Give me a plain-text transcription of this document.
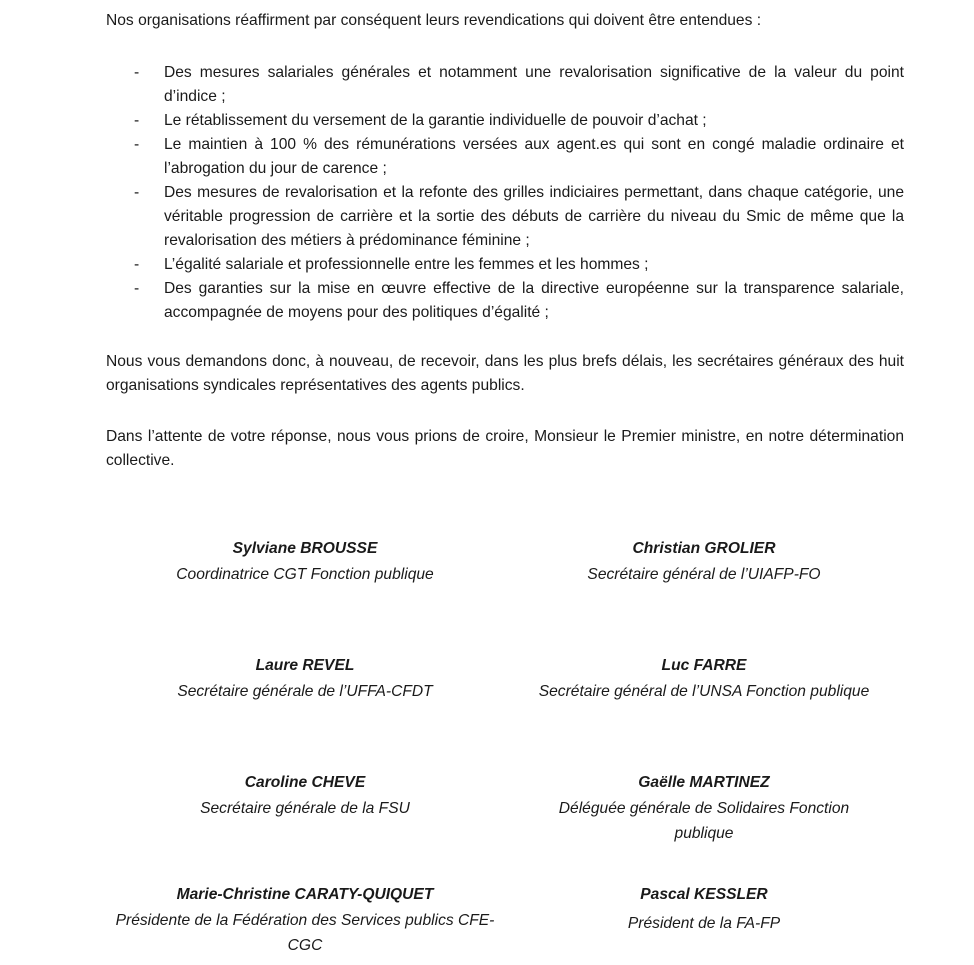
Nos organisations réaffirment par conséquent leurs revendications qui doivent être entendues :

- Des mesures salariales générales et notamment une revalorisation significative de la valeur du point d’indice ;
- Le rétablissement du versement de la garantie individuelle de pouvoir d’achat ;
- Le maintien à 100 % des rémunérations versées aux agent.es qui sont en congé maladie ordinaire et l’abrogation du jour de carence ;
- Des mesures de revalorisation et la refonte des grilles indiciaires permettant, dans chaque catégorie, une véritable progression de carrière et la sortie des débuts de carrière du niveau du Smic de même que la revalorisation des métiers à prédominance féminine ;
- L’égalité salariale et professionnelle entre les femmes et les hommes ;
- Des garanties sur la mise en œuvre effective de la directive européenne sur la transparence salariale, accompagnée de moyens pour des politiques d’égalité ;

Nous vous demandons donc, à nouveau, de recevoir, dans les plus brefs délais, les secrétaires généraux des huit organisations syndicales représentatives des agents publics.

Dans l’attente de votre réponse, nous vous prions de croire, Monsieur le Premier ministre, en notre détermination collective.

Sylviane BROUSSE
Coordinatrice CGT Fonction publique
Christian GROLIER
Secrétaire général de l’UIAFP-FO
Laure REVEL
Secrétaire générale de l’UFFA-CFDT
Luc FARRE
Secrétaire général de l’UNSA Fonction publique
Caroline CHEVE
Secrétaire générale de la FSU
Gaëlle MARTINEZ
Déléguée générale de Solidaires Fonction publique
Marie-Christine CARATY-QUIQUET
Présidente de la Fédération des Services publics CFE-CGC
Pascal KESSLER
Président de la FA-FP
